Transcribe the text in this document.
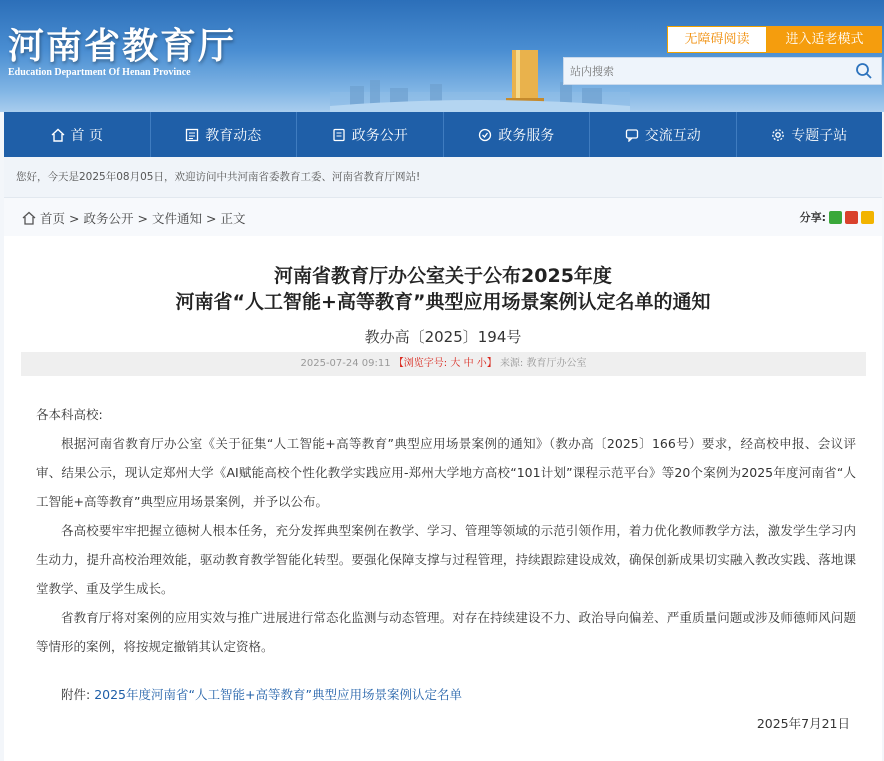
河南省教育厅
Education Department Of Henan Province
无障碍阅读	进入适老模式
站内搜索
首 页	教育动态	政务公开	政务服务	交流互动	专题子站
您好，今天是2025年08月05日，欢迎访问中共河南省委教育工委、河南省教育厅网站!
首页 > 政务公开 > 文件通知 > 正文	分享:
河南省教育厅办公室关于公布2025年度
河南省“人工智能+高等教育”典型应用场景案例认定名单的通知
教办高〔2025〕194号
2025-07-24 09:11 【浏览字号: 大 中 小】 来源: 教育厅办公室

各本科高校:

根据河南省教育厅办公室《关于征集“人工智能+高等教育”典型应用场景案例的通知》（教办高〔2025〕166号）要求，经高校申报、会议评审、结果公示，现认定郑州大学《AI赋能高校个性化教学实践应用-郑州大学地方高校“101计划”课程示范平台》等20个案例为2025年度河南省“人工智能+高等教育”典型应用场景案例，并予以公布。

各高校要牢牢把握立德树人根本任务，充分发挥典型案例在教学、学习、管理等领域的示范引领作用，着力优化教师教学方法，激发学生学习内生动力，提升高校治理效能，驱动教育教学智能化转型。要强化保障支撑与过程管理，持续跟踪建设成效，确保创新成果切实融入教改实践、落地课堂教学、重及学生成长。

省教育厅将对案例的应用实效与推广进展进行常态化监测与动态管理。对存在持续建设不力、政治导向偏差、严重质量问题或涉及师德师风问题等情形的案例，将按规定撤销其认定资格。

附件: 2025年度河南省“人工智能+高等教育”典型应用场景案例认定名单
2025年7月21日
